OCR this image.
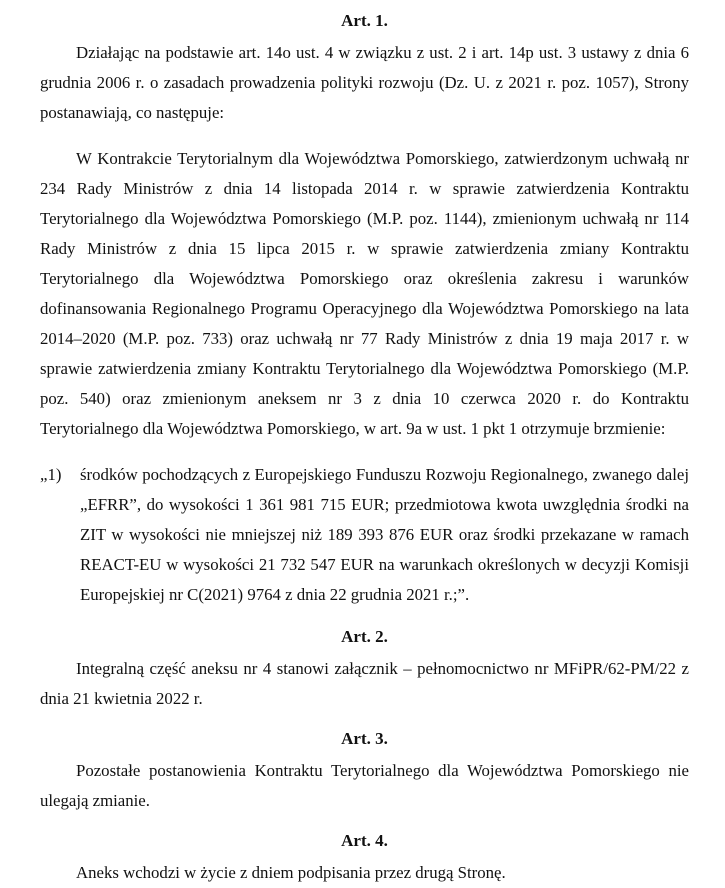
Art. 1.

Działając na podstawie art. 14o ust. 4 w związku z ust. 2 i art. 14p ust. 3 ustawy z dnia 6 grudnia 2006 r. o zasadach prowadzenia polityki rozwoju (Dz. U. z 2021 r. poz. 1057), Strony postanawiają, co następuje:

W Kontrakcie Terytorialnym dla Województwa Pomorskiego, zatwierdzonym uchwałą nr 234 Rady Ministrów z dnia 14 listopada 2014 r. w sprawie zatwierdzenia Kontraktu Terytorialnego dla Województwa Pomorskiego (M.P. poz. 1144), zmienionym uchwałą nr 114 Rady Ministrów z dnia 15 lipca 2015 r. w sprawie zatwierdzenia zmiany Kontraktu Terytorialnego dla Województwa Pomorskiego oraz określenia zakresu i warunków dofinansowania Regionalnego Programu Operacyjnego dla Województwa Pomorskiego na lata 2014–2020 (M.P. poz. 733) oraz uchwałą nr 77 Rady Ministrów z dnia 19 maja 2017 r. w sprawie zatwierdzenia zmiany Kontraktu Terytorialnego dla Województwa Pomorskiego (M.P. poz. 540) oraz zmienionym aneksem nr 3 z dnia 10 czerwca 2020 r. do Kontraktu Terytorialnego dla Województwa Pomorskiego, w art. 9a w ust. 1 pkt 1 otrzymuje brzmienie:

„1)	środków pochodzących z Europejskiego Funduszu Rozwoju Regionalnego, zwanego dalej „EFRR”, do wysokości 1 361 981 715 EUR; przedmiotowa kwota uwzględnia środki na ZIT w wysokości nie mniejszej niż 189 393 876 EUR oraz środki przekazane w ramach REACT-EU w wysokości 21 732 547 EUR na warunkach określonych w decyzji Komisji Europejskiej nr C(2021) 9764 z dnia 22 grudnia 2021 r.;”.

Art. 2.

Integralną część aneksu nr 4 stanowi załącznik – pełnomocnictwo nr MFiPR/62-PM/22 z dnia 21 kwietnia 2022 r.

Art. 3.

Pozostałe postanowienia Kontraktu Terytorialnego dla Województwa Pomorskiego nie ulegają zmianie.

Art. 4.

Aneks wchodzi w życie z dniem podpisania przez drugą Stronę.
